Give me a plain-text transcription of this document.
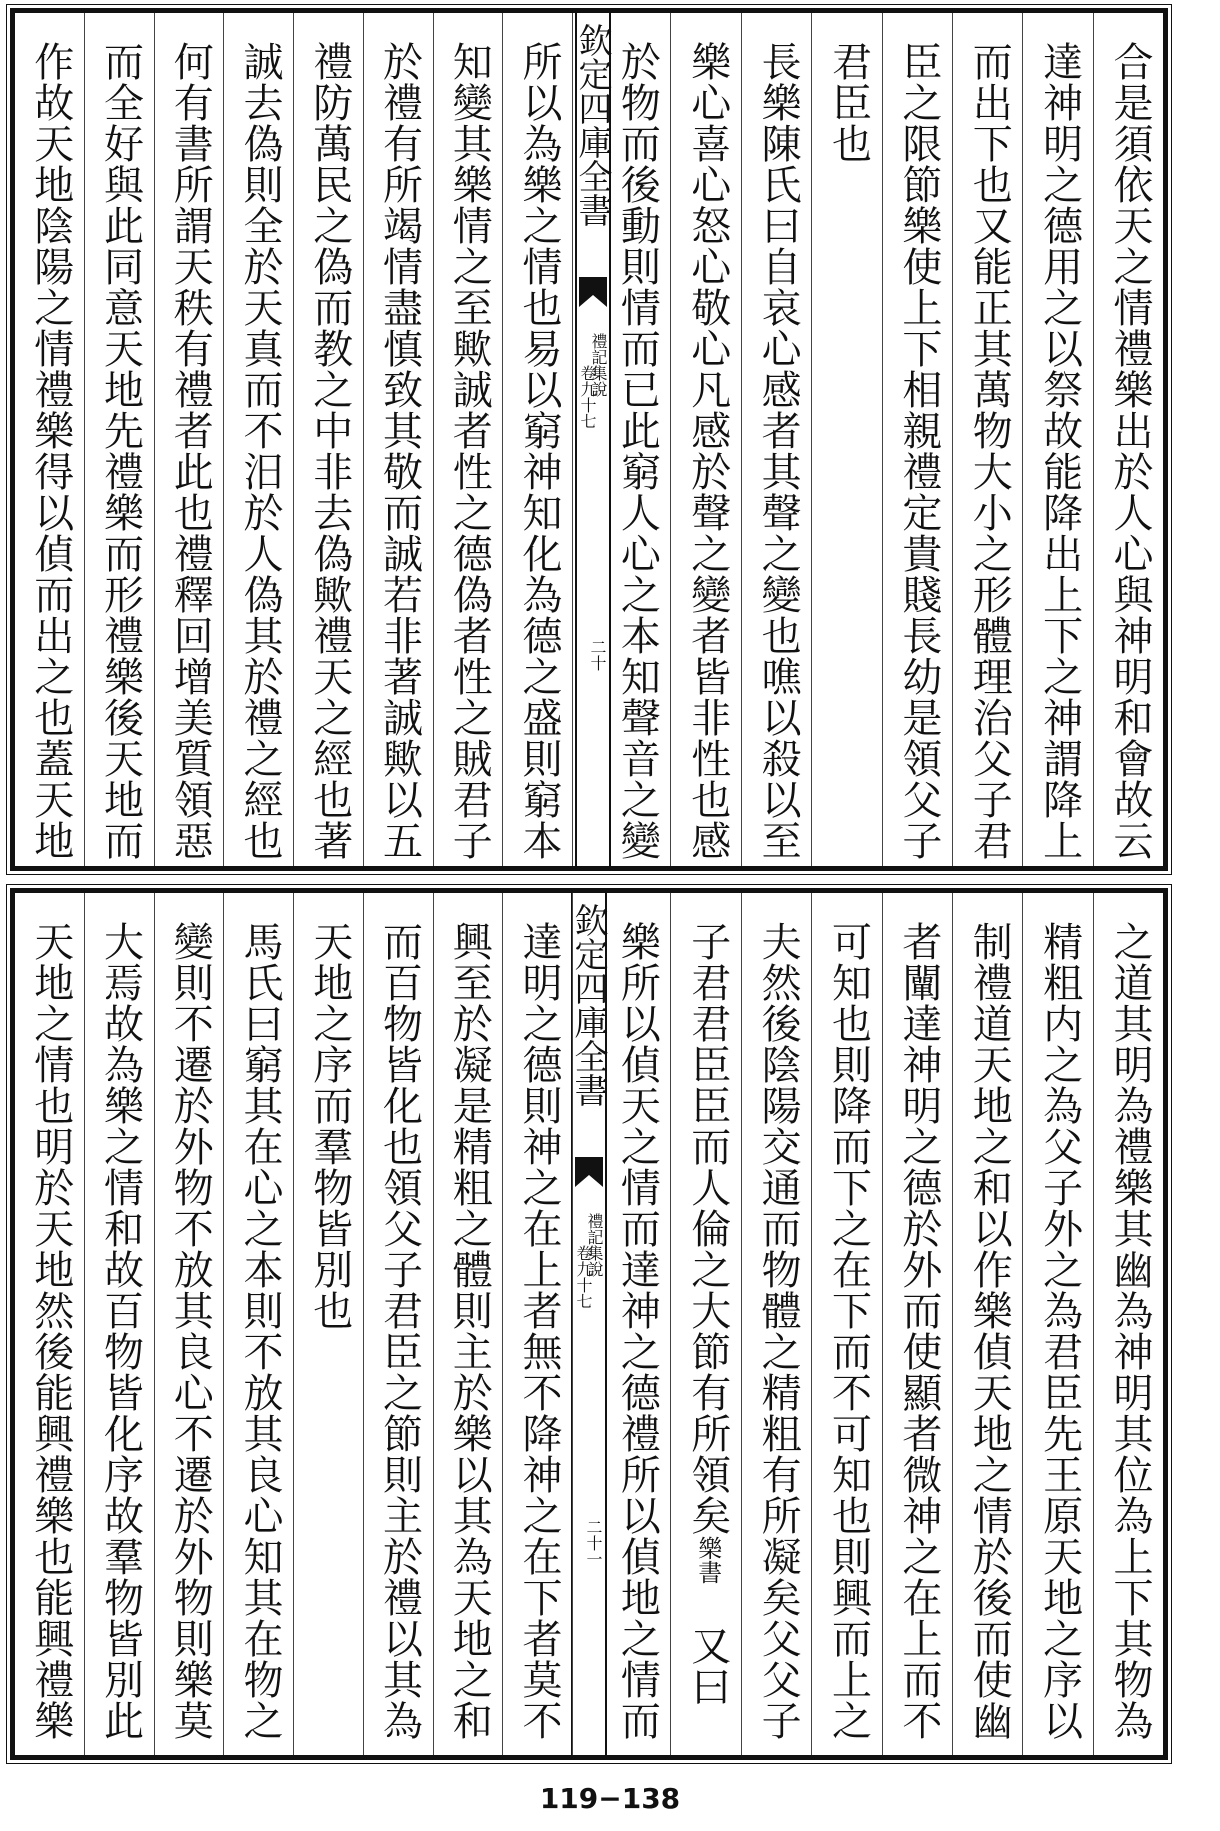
合是須依天之情禮樂出於人心與神明和會故云
達神明之德用之以祭故能降出上下之神謂降上
而出下也又能正其萬物大小之形體理治父子君
臣之限節樂使上下相親禮定貴賤長幼是領父子
君臣也
長樂陳氏曰自哀心感者其聲之變也噍以殺以至
樂心喜心怒心敬心凡感於聲之變者皆非性也感
於物而後動則情而已此窮人心之本知聲音之變
欽定四庫全書
禮記集說
卷九十七
二十
所以為樂之情也易以窮神知化為德之盛則窮本
知變其樂情之至歟誠者性之德偽者性之賊君子
於禮有所竭情盡慎致其敬而誠若非著誠歟以五
禮防萬民之偽而教之中非去偽歟禮天之經也著
誠去偽則全於天真而不汨於人偽其於禮之經也
何有書所謂天秩有禮者此也禮釋回增美質領惡
而全好與此同意天地先禮樂而形禮樂後天地而
作故天地陰陽之情禮樂得以偵而出之也蓋天地
之道其明為禮樂其幽為神明其位為上下其物為
精粗内之為父子外之為君臣先王原天地之序以
制禮道天地之和以作樂偵天地之情於後而使幽
者闡達神明之德於外而使顯者微神之在上而不
可知也則降而下之在下而不可知也則興而上之
夫然後陰陽交通而物體之精粗有所凝矣父父子
子君君臣臣而人倫之大節有所領矣樂書　又曰
樂所以偵天之情而達神之德禮所以偵地之情而
欽定四庫全書
禮記集說
卷九十七
二十一
達明之德則神之在上者無不降神之在下者莫不
興至於凝是精粗之體則主於樂以其為天地之和
而百物皆化也領父子君臣之節則主於禮以其為
天地之序而羣物皆別也
馬氏曰窮其在心之本則不放其良心知其在物之
變則不遷於外物不放其良心不遷於外物則樂莫
大焉故為樂之情和故百物皆化序故羣物皆別此
天地之情也明於天地然後能興禮樂也能興禮樂
119−138
